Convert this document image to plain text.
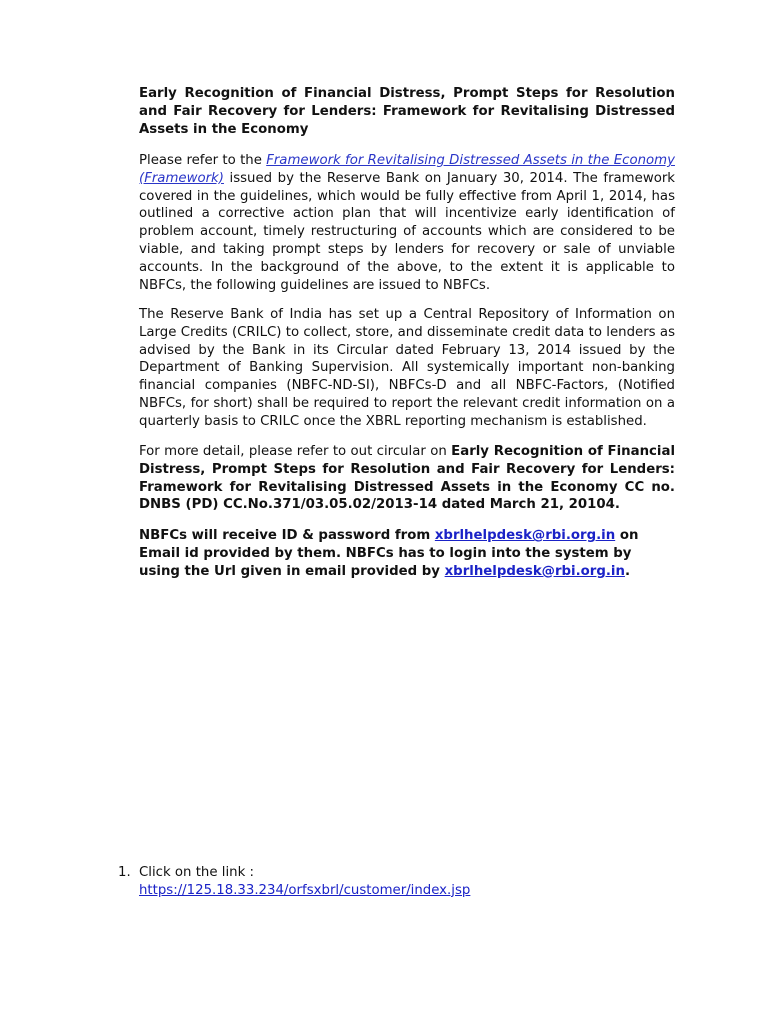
Early Recognition of Financial Distress, Prompt Steps for Resolution and Fair Recovery for Lenders: Framework for Revitalising Distressed Assets in the Economy

Please refer to the Framework for Revitalising Distressed Assets in the Economy (Framework) issued by the Reserve Bank on January 30, 2014. The framework covered in the guidelines, which would be fully effective from April 1, 2014, has outlined a corrective action plan that will incentivize early identification of problem account, timely restructuring of accounts which are considered to be viable, and taking prompt steps by lenders for recovery or sale of unviable accounts. In the background of the above, to the extent it is applicable to NBFCs, the following guidelines are issued to NBFCs.

The Reserve Bank of India has set up a Central Repository of Information on Large Credits (CRILC) to collect, store, and disseminate credit data to lenders as advised by the Bank in its Circular dated February 13, 2014 issued by the Department of Banking Supervision. All systemically important non-banking financial companies (NBFC-ND-SI), NBFCs-D and all NBFC-Factors, (Notified NBFCs, for short) shall be required to report the relevant credit information on a quarterly basis to CRILC once the XBRL reporting mechanism is established.

For more detail, please refer to out circular on Early Recognition of Financial Distress, Prompt Steps for Resolution and Fair Recovery for Lenders: Framework for Revitalising Distressed Assets in the Economy CC no. DNBS (PD) CC.No.371/03.05.02/2013-14 dated March 21, 20104.

NBFCs will receive ID & password from xbrlhelpdesk@rbi.org.in on Email id provided by them. NBFCs has to login into the system by using the Url given in email provided by xbrlhelpdesk@rbi.org.in.

1. Click on the link :
https://125.18.33.234/orfsxbrl/customer/index.jsp
